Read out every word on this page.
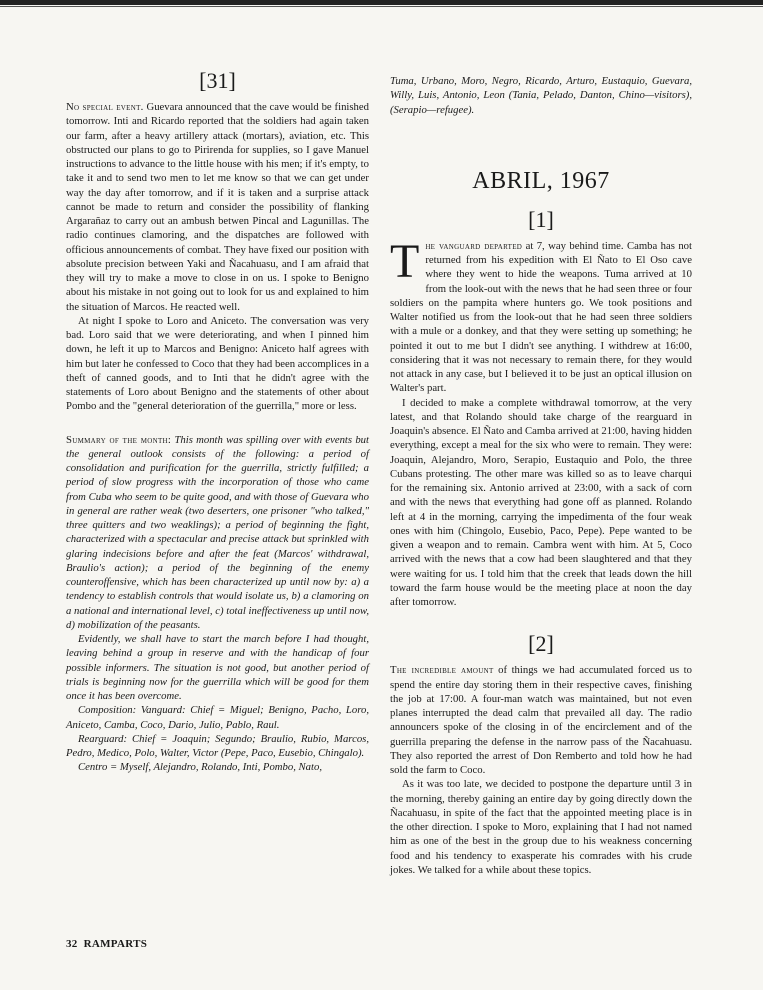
[31]

No special event. Guevara announced that the cave would be finished tomorrow. Inti and Ricardo reported that the soldiers had again taken our farm, after a heavy artillery attack (mortars), aviation, etc. This obstructed our plans to go to Pirirenda for supplies, so I gave Manuel instructions to advance to the little house with his men; if it's empty, to take it and to send two men to let me know so that we can get under way the day after tomorrow, and if it is taken and a surprise attack cannot be made to return and consider the possibility of flanking Argarañaz to carry out an ambush betwen Pincal and Lagunillas. The radio continues clamoring, and the dispatches are followed with officious announcements of combat. They have fixed our position with absolute precision between Yaki and Ñacahuasu, and I am afraid that they will try to make a move to close in on us. I spoke to Benigno about his mistake in not going out to look for us and explained to him the situation of Marcos. He reacted well.

At night I spoke to Loro and Aniceto. The conversation was very bad. Loro said that we were deteriorating, and when I pinned him down, he left it up to Marcos and Benigno: Aniceto half agrees with him but later he confessed to Coco that they had been accomplices in a theft of canned goods, and to Inti that he didn't agree with the statements of Loro about Benigno and the statements of other about Pombo and the "general deterioration of the guerrilla," more or less.

Summary of the month: This month was spilling over with events but the general outlook consists of the following: a period of consolidation and purification for the guerrilla, strictly fulfilled; a period of slow progress with the incorporation of those who came from Cuba who seem to be quite good, and with those of Guevara who in general are rather weak (two deserters, one prisoner "who talked," three quitters and two weaklings); a period of beginning the fight, characterized with a spectacular and precise attack but sprinkled with glaring indecisions before and after the feat (Marcos' withdrawal, Braulio's action); a period of the beginning of the enemy counteroffensive, which has been characterized up until now by: a) a tendency to establish controls that would isolate us, b) a clamoring on a national and international level, c) total ineffectiveness up until now, d) mobilization of the peasants.

Evidently, we shall have to start the march before I had thought, leaving behind a group in reserve and with the handicap of four possible informers. The situation is not good, but another period of trials is beginning now for the guerrilla which will be good for them once it has been overcome.

Composition: Vanguard: Chief = Miguel; Benigno, Pacho, Loro, Aniceto, Camba, Coco, Dario, Julio, Pablo, Raul.

Rearguard: Chief = Joaquin; Segundo; Braulio, Rubio, Marcos, Pedro, Medico, Polo, Walter, Victor (Pepe, Paco, Eusebio, Chingalo).

Centro = Myself, Alejandro, Rolando, Inti, Pombo, Nato,

Tuma, Urbano, Moro, Negro, Ricardo, Arturo, Eustaquio, Guevara, Willy, Luis, Antonio, Leon (Tania, Pelado, Danton, Chino—visitors), (Serapio—refugee).

ABRIL, 1967
[1]

The vanguard departed at 7, way behind time. Camba has not returned from his expedition with El Ñato to El Oso cave where they went to hide the weapons. Tuma arrived at 10 from the look-out with the news that he had seen three or four soldiers on the pampita where hunters go. We took positions and Walter notified us from the look-out that he had seen three soldiers with a mule or a donkey, and that they were setting up something; he pointed it out to me but I didn't see anything. I withdrew at 16:00, considering that it was not necessary to remain there, for they would not attack in any case, but I believed it to be just an optical illusion on Walter's part.

I decided to make a complete withdrawal tomorrow, at the very latest, and that Rolando should take charge of the rearguard in Joaquin's absence. El Ñato and Camba arrived at 21:00, having hidden everything, except a meal for the six who were to remain. They were: Joaquin, Alejandro, Moro, Serapio, Eustaquio and Polo, the three Cubans protesting. The other mare was killed so as to leave charqui for the remaining six. Antonio arrived at 23:00, with a sack of corn and with the news that everything had gone off as planned. Rolando left at 4 in the morning, carrying the impedimenta of the four weak ones with him (Chingolo, Eusebio, Paco, Pepe). Pepe wanted to be given a weapon and to remain. Cambra went with him. At 5, Coco arrived with the news that a cow had been slaughtered and that they were waiting for us. I told him that the creek that leads down the hill toward the farm house would be the meeting place at noon the day after tomorrow.

[2]

The incredible amount of things we had accumulated forced us to spend the entire day storing them in their respective caves, finishing the job at 17:00. A four-man watch was maintained, but not even planes interrupted the dead calm that prevailed all day. The radio announcers spoke of the closing in of the encirclement and of the guerrilla preparing the defense in the narrow pass of the Ñacahuasu. They also reported the arrest of Don Remberto and told how he had sold the farm to Coco.

As it was too late, we decided to postpone the departure until 3 in the morning, thereby gaining an entire day by going directly down the Ñacahuasu, in spite of the fact that the appointed meeting place is in the other direction. I spoke to Moro, explaining that I had not named him as one of the best in the group due to his weakness concerning food and his tendency to exasperate his comrades with his crude jokes. We talked for a while about these topics.

32 RAMPARTS
